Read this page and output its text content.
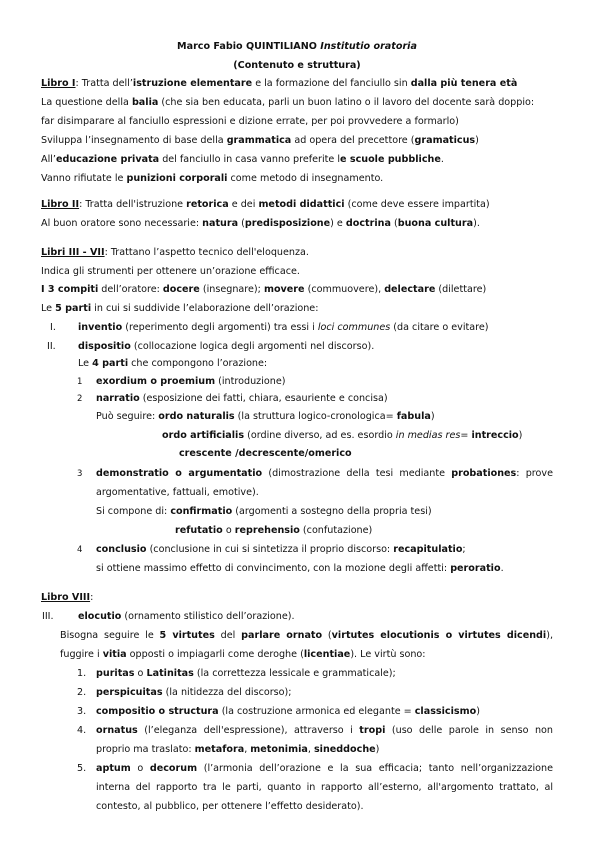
Marco Fabio QUINTILIANO Institutio oratoria
(Contenuto e struttura)
Libro I: Tratta dell’istruzione elementare e la formazione del fanciullo sin dalla più tenera età
La questione della balia (che sia ben educata, parli un buon latino o il lavoro del docente sarà doppio:
far disimparare al fanciullo espressioni e dizione errate, per poi provvedere a formarlo)
Sviluppa l’insegnamento di base della grammatica ad opera del precettore (gramaticus)
All’educazione privata del fanciullo in casa vanno preferite le scuole pubbliche.
Vanno rifiutate le punizioni corporali come metodo di insegnamento.
Libro II: Tratta dell'istruzione retorica e dei metodi didattici (come deve essere impartita)
Al buon oratore sono necessarie: natura (predisposizione) e doctrina (buona cultura).
Libri III - VII: Trattano l’aspetto tecnico dell'eloquenza.
Indica gli strumenti per ottenere un’orazione efficace.
I 3 compiti dell’oratore: docere (insegnare); movere (commuovere), delectare (dilettare)
Le 5 parti in cui si suddivide l’elaborazione dell’orazione:
I. inventio (reperimento degli argomenti) tra essi i loci communes (da citare o evitare)
II. dispositio (collocazione logica degli argomenti nel discorso).
Le 4 parti che compongono l’orazione:
1 exordium o proemium (introduzione)
2 narratio (esposizione dei fatti, chiara, esauriente e concisa)
Può seguire: ordo naturalis (la struttura logico-cronologica= fabula)
ordo artificialis (ordine diverso, ad es. esordio in medias res= intreccio)
crescente /decrescente/omerico
3 demonstratio o argumentatio (dimostrazione della tesi mediante probationes: prove
argomentative, fattuali, emotive).
Si compone di: confirmatio (argomenti a sostegno della propria tesi)
refutatio o reprehensio (confutazione)
4 conclusio (conclusione in cui si sintetizza il proprio discorso: recapitulatio;
si ottiene massimo effetto di convincimento, con la mozione degli affetti: peroratio.
Libro VIII:
III.	elocutio (ornamento stilistico dell’orazione).
Bisogna seguire le 5 virtutes del parlare ornato (virtutes elocutionis o virtutes dicendi),
fuggire i vitia opposti o impiagarli come deroghe (licentiae). Le virtù sono:
1. puritas o Latinitas (la correttezza lessicale e grammaticale);
2. perspicuitas (la nitidezza del discorso);
3. compositio o structura (la costruzione armonica ed elegante = classicismo)
4. ornatus (l’eleganza dell'espressione), attraverso i tropi (uso delle parole in senso non
proprio ma traslato: metafora, metonimia, sineddoche)
5. aptum o decorum (l’armonia dell’orazione e la sua efficacia; tanto nell’organizzazione
interna del rapporto tra le parti, quanto in rapporto all’esterno, all'argomento trattato, al
contesto, al pubblico, per ottenere l’effetto desiderato).
